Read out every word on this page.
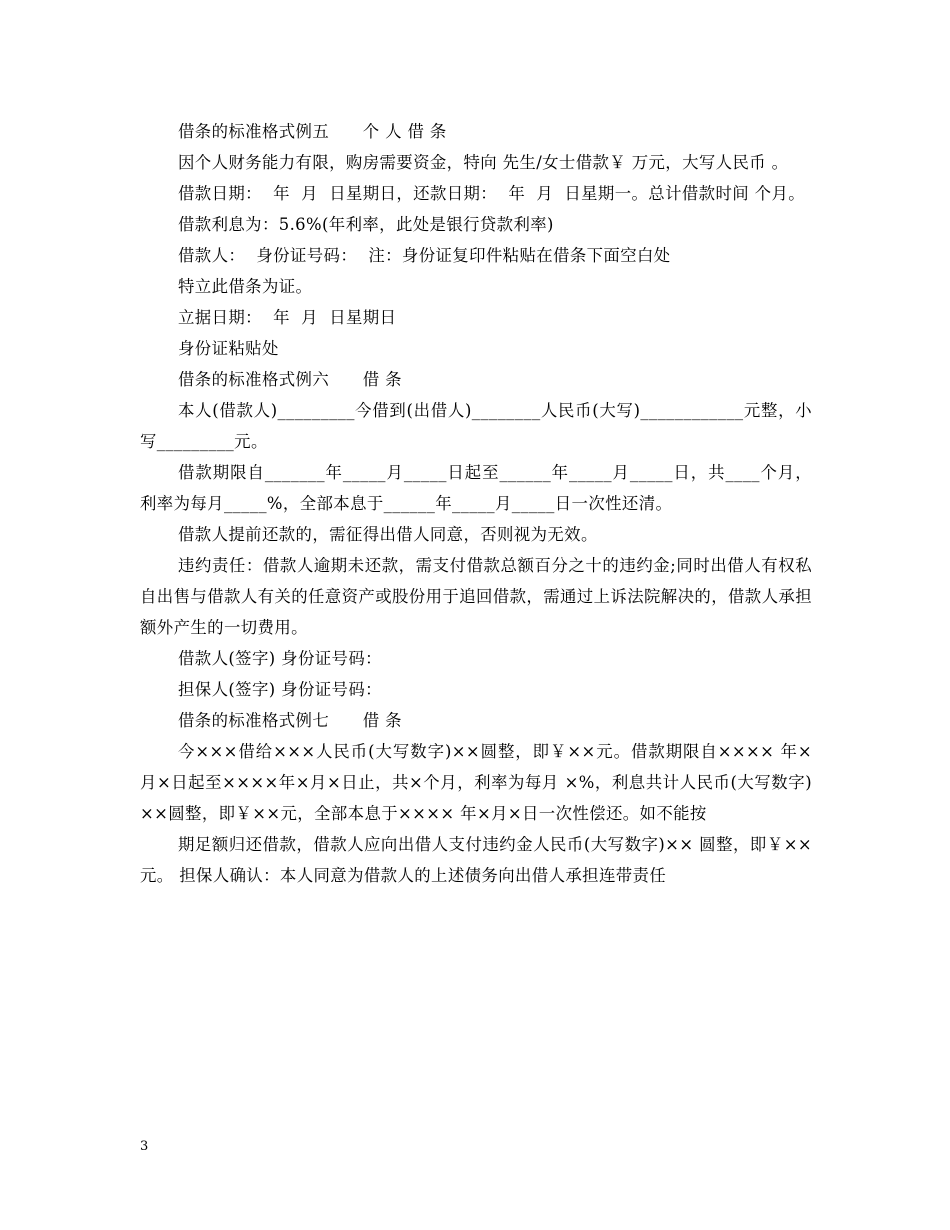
借条的标准格式例五　　个 人 借 条

因个人财务能力有限，购房需要资金，特向 先生/女士借款￥ 万元，大写人民币 。

借款日期：  年  月  日星期日，还款日期：  年  月  日星期一。总计借款时间 个月。

借款利息为：5.6%(年利率，此处是银行贷款利率)

借款人：  身份证号码：  注：身份证复印件粘贴在借条下面空白处

特立此借条为证。

立据日期：  年  月  日星期日

身份证粘贴处

借条的标准格式例六　　借 条

本人(借款人)_________今借到(出借人)________人民币(大写)____________元整，小写_________元。

借款期限自_______年_____月_____日起至______年_____月_____日，共____个月，利率为每月_____%，全部本息于______年_____月_____日一次性还清。

借款人提前还款的，需征得出借人同意，否则视为无效。

违约责任：借款人逾期未还款，需支付借款总额百分之十的违约金;同时出借人有权私自出售与借款人有关的任意资产或股份用于追回借款，需通过上诉法院解决的，借款人承担额外产生的一切费用。

借款人(签字) 身份证号码：

担保人(签字) 身份证号码：

借条的标准格式例七　　借 条

今×××借给×××人民币(大写数字)××圆整，即￥××元。借款期限自×××× 年×月×日起至××××年×月×日止，共×个月，利率为每月 ×%，利息共计人民币(大写数字)××圆整，即￥××元，全部本息于×××× 年×月×日一次性偿还。如不能按

期足额归还借款，借款人应向出借人支付违约金人民币(大写数字)×× 圆整，即￥×× 元。 担保人确认：本人同意为借款人的上述债务向出借人承担连带责任

3
